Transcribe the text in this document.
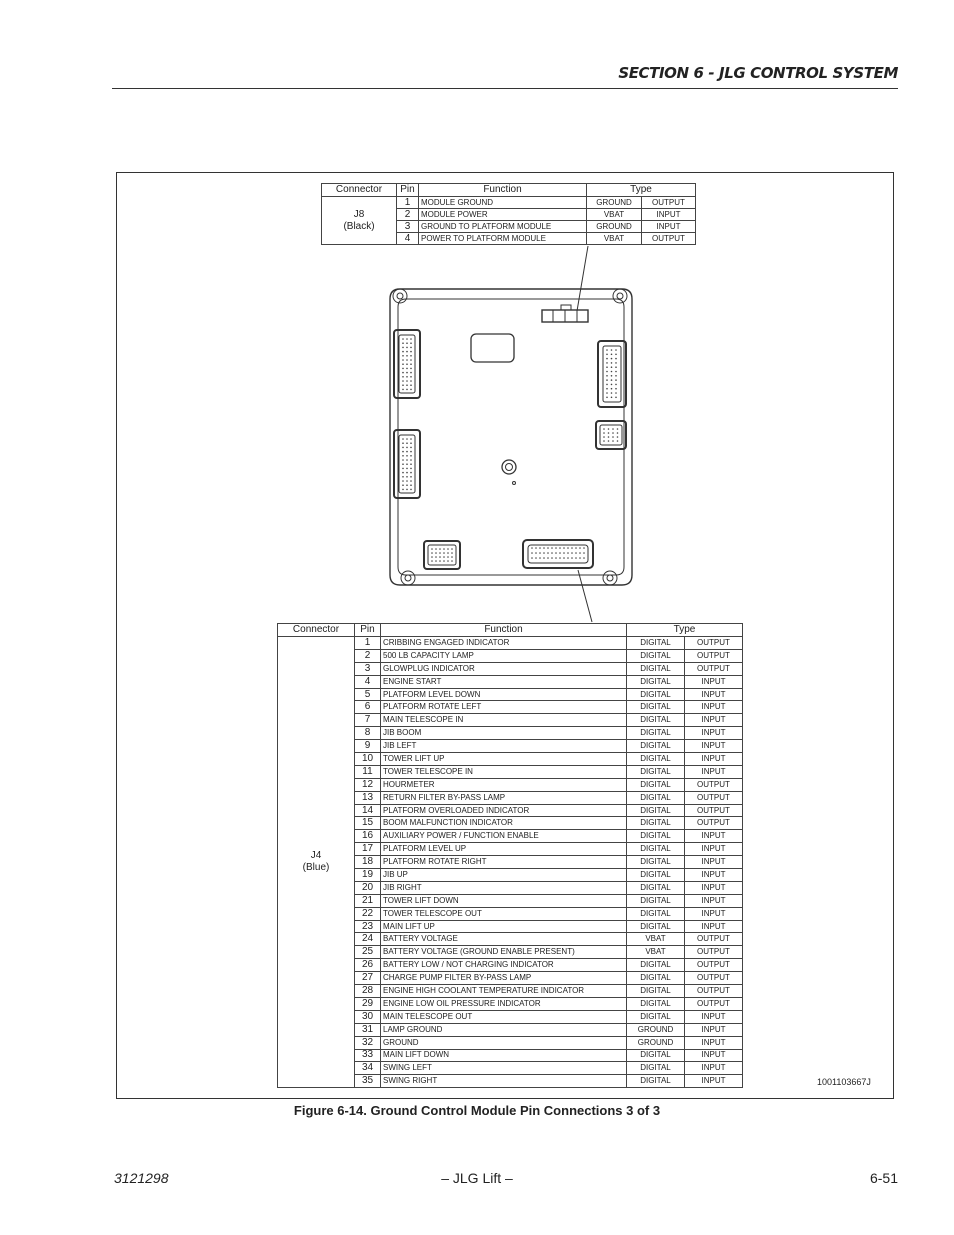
SECTION 6 - JLG CONTROL SYSTEM
Connector	Pin	Function	Type	

J8
(Black)	1	MODULE GROUND	GROUND	OUTPUT
	2	MODULE POWER	VBAT	INPUT
	3	GROUND TO PLATFORM MODULE	GROUND	INPUT
	4	POWER TO PLATFORM MODULE	VBAT	OUTPUT
Connector	Pin	Function	Type	

J4
(Blue)	1	CRIBBING ENGAGED INDICATOR	DIGITAL	OUTPUT
	2	500 LB CAPACITY LAMP	DIGITAL	OUTPUT
	3	GLOWPLUG INDICATOR	DIGITAL	OUTPUT
	4	ENGINE START	DIGITAL	INPUT
	5	PLATFORM LEVEL DOWN	DIGITAL	INPUT
	6	PLATFORM ROTATE LEFT	DIGITAL	INPUT
	7	MAIN TELESCOPE IN	DIGITAL	INPUT
	8	JIB BOOM	DIGITAL	INPUT
	9	JIB LEFT	DIGITAL	INPUT
	10	TOWER LIFT UP	DIGITAL	INPUT
	11	TOWER TELESCOPE IN	DIGITAL	INPUT
	12	HOURMETER	DIGITAL	OUTPUT
	13	RETURN FILTER BY-PASS LAMP	DIGITAL	OUTPUT
	14	PLATFORM OVERLOADED INDICATOR	DIGITAL	OUTPUT
	15	BOOM MALFUNCTION INDICATOR	DIGITAL	OUTPUT
	16	AUXILIARY POWER / FUNCTION ENABLE	DIGITAL	INPUT
	17	PLATFORM LEVEL UP	DIGITAL	INPUT
	18	PLATFORM ROTATE RIGHT	DIGITAL	INPUT
	19	JIB UP	DIGITAL	INPUT
	20	JIB RIGHT	DIGITAL	INPUT
	21	TOWER LIFT DOWN	DIGITAL	INPUT
	22	TOWER TELESCOPE OUT	DIGITAL	INPUT
	23	MAIN LIFT UP	DIGITAL	INPUT
	24	BATTERY VOLTAGE	VBAT	OUTPUT
	25	BATTERY VOLTAGE (GROUND ENABLE PRESENT)	VBAT	OUTPUT
	26	BATTERY LOW / NOT CHARGING INDICATOR	DIGITAL	OUTPUT
	27	CHARGE PUMP FILTER BY-PASS LAMP	DIGITAL	OUTPUT
	28	ENGINE HIGH COOLANT TEMPERATURE INDICATOR	DIGITAL	OUTPUT
	29	ENGINE LOW OIL PRESSURE INDICATOR	DIGITAL	OUTPUT
	30	MAIN TELESCOPE OUT	DIGITAL	INPUT
	31	LAMP GROUND	GROUND	INPUT
	32	GROUND	GROUND	INPUT
	33	MAIN LIFT DOWN	DIGITAL	INPUT
	34	SWING LEFT	DIGITAL	INPUT
	35	SWING RIGHT	DIGITAL	INPUT	1001103667J
Figure 6-14. Ground Control Module Pin Connections 3 of 3
3121298	– JLG Lift –	6-51
